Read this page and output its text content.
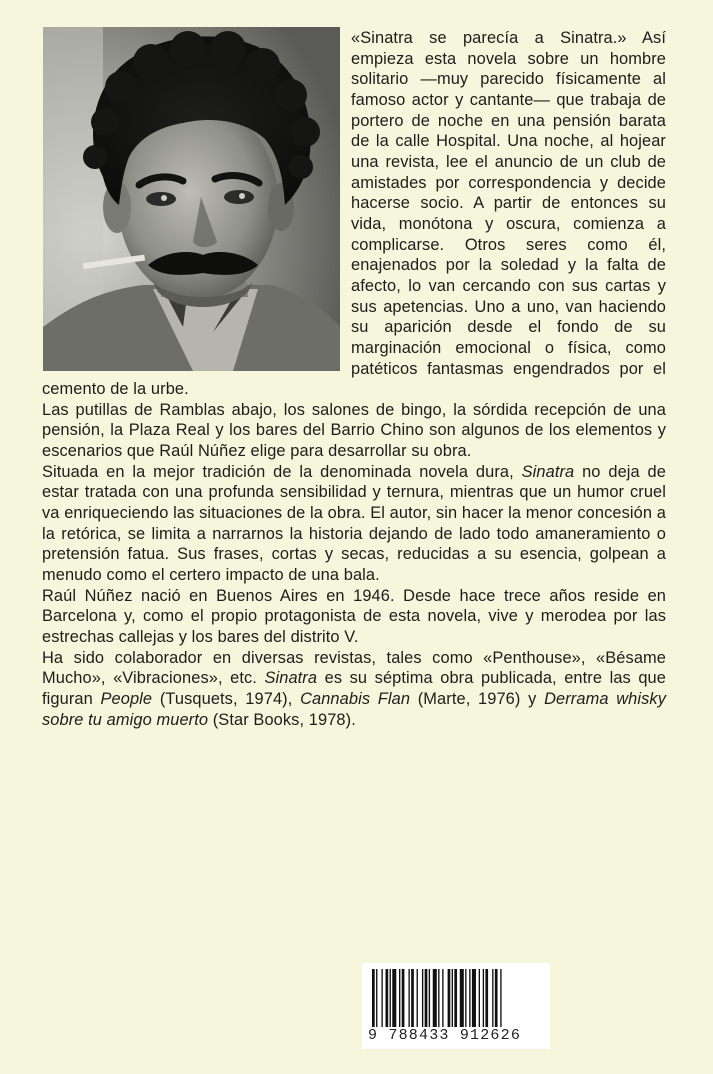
«Sinatra se parecía a Sinatra.» Así empieza esta novela sobre un hombre solitario —muy parecido físicamente al famoso actor y cantante— que trabaja de portero de noche en una pensión barata de la calle Hospital. Una noche, al hojear una revista, lee el anuncio de un club de amistades por correspondencia y decide hacerse socio. A partir de entonces su vida, monótona y oscura, comienza a complicarse. Otros seres como él, enajenados por la soledad y la falta de afecto, lo van cercando con sus cartas y sus apetencias. Uno a uno, van haciendo su aparición desde el fondo de su marginación emocional o física, como patéticos fantasmas engendrados por el cemento de la urbe.

Las putillas de Ramblas abajo, los salones de bingo, la sórdida recepción de una pensión, la Plaza Real y los bares del Barrio Chino son algunos de los elementos y escenarios que Raúl Núñez elige para desarrollar su obra.

Situada en la mejor tradición de la denominada novela dura, Sinatra no deja de estar tratada con una profunda sensibilidad y ternura, mientras que un humor cruel va enriqueciendo las situaciones de la obra. El autor, sin hacer la menor concesión a la retórica, se limita a narrarnos la historia dejando de lado todo amaneramiento o pretensión fatua. Sus frases, cortas y secas, reducidas a su esencia, golpean a menudo como el certero impacto de una bala.

Raúl Núñez nació en Buenos Aires en 1946. Desde hace trece años reside en Barcelona y, como el propio protagonista de esta novela, vive y merodea por las estrechas callejas y los bares del distrito V.

Ha sido colaborador en diversas revistas, tales como «Penthouse», «Bésame Mucho», «Vibraciones», etc. Sinatra es su séptima obra publicada, entre las que figuran People (Tusquets, 1974), Cannabis Flan (Marte, 1976) y Derrama whisky sobre tu amigo muerto (Star Books, 1978).

9 788433 912626
